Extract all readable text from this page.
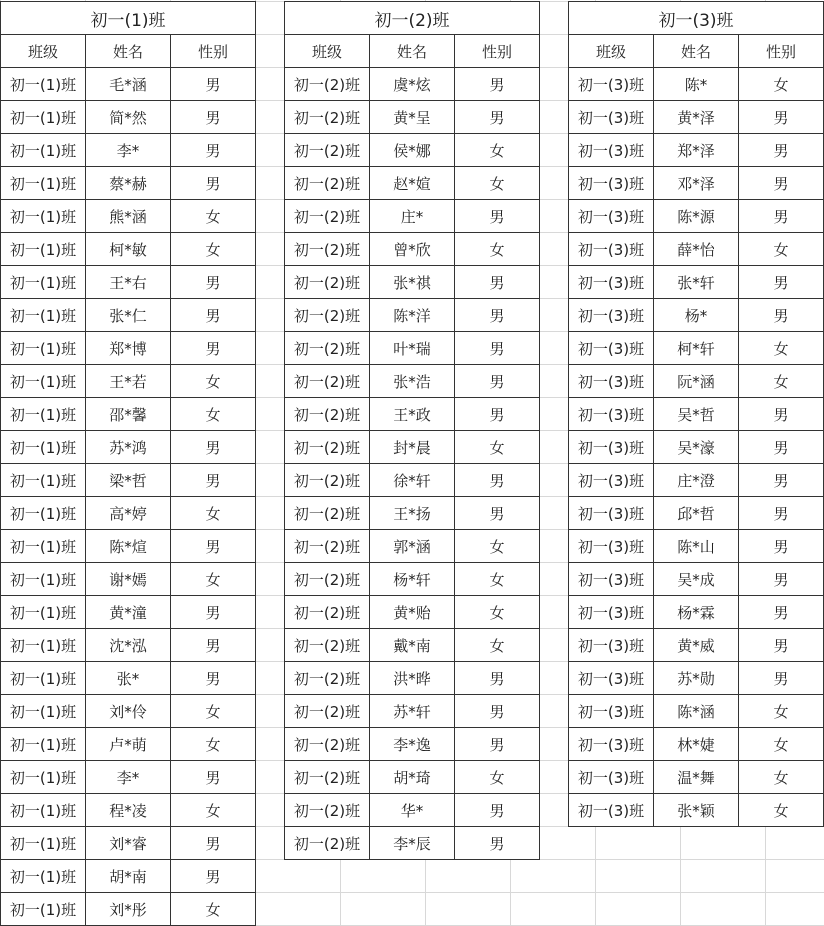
初一(1)班		
班级	姓名	性别
初一(1)班	毛*涵	男
初一(1)班	简*然	男
初一(1)班	李*	男
初一(1)班	蔡*赫	男
初一(1)班	熊*涵	女
初一(1)班	柯*敏	女
初一(1)班	王*右	男
初一(1)班	张*仁	男
初一(1)班	郑*博	男
初一(1)班	王*若	女
初一(1)班	邵*馨	女
初一(1)班	苏*鸿	男
初一(1)班	梁*哲	男
初一(1)班	高*婷	女
初一(1)班	陈*煊	男
初一(1)班	谢*嫣	女
初一(1)班	黄*潼	男
初一(1)班	沈*泓	男
初一(1)班	张*	男
初一(1)班	刘*伶	女
初一(1)班	卢*萌	女
初一(1)班	李*	男
初一(1)班	程*凌	女
初一(1)班	刘*睿	男
初一(1)班	胡*南	男
初一(1)班	刘*彤	女
初一(2)班		
班级	姓名	性别
初一(2)班	虞*炫	男
初一(2)班	黄*呈	男
初一(2)班	侯*娜	女
初一(2)班	赵*媗	女
初一(2)班	庄*	男
初一(2)班	曾*欣	女
初一(2)班	张*祺	男
初一(2)班	陈*洋	男
初一(2)班	叶*瑞	男
初一(2)班	张*浩	男
初一(2)班	王*政	男
初一(2)班	封*晨	女
初一(2)班	徐*轩	男
初一(2)班	王*扬	男
初一(2)班	郭*涵	女
初一(2)班	杨*轩	女
初一(2)班	黄*贻	女
初一(2)班	戴*南	女
初一(2)班	洪*晔	男
初一(2)班	苏*轩	男
初一(2)班	李*逸	男
初一(2)班	胡*琦	女
初一(2)班	华*	男
初一(2)班	李*辰	男
初一(3)班		
班级	姓名	性别
初一(3)班	陈*	女
初一(3)班	黄*泽	男
初一(3)班	郑*泽	男
初一(3)班	邓*泽	男
初一(3)班	陈*源	男
初一(3)班	薛*怡	女
初一(3)班	张*轩	男
初一(3)班	杨*	男
初一(3)班	柯*轩	女
初一(3)班	阮*涵	女
初一(3)班	吴*哲	男
初一(3)班	吴*濠	男
初一(3)班	庄*澄	男
初一(3)班	邱*哲	男
初一(3)班	陈*山	男
初一(3)班	吴*成	男
初一(3)班	杨*霖	男
初一(3)班	黄*威	男
初一(3)班	苏*勋	男
初一(3)班	陈*涵	女
初一(3)班	林*婕	女
初一(3)班	温*舞	女
初一(3)班	张*颖	女
